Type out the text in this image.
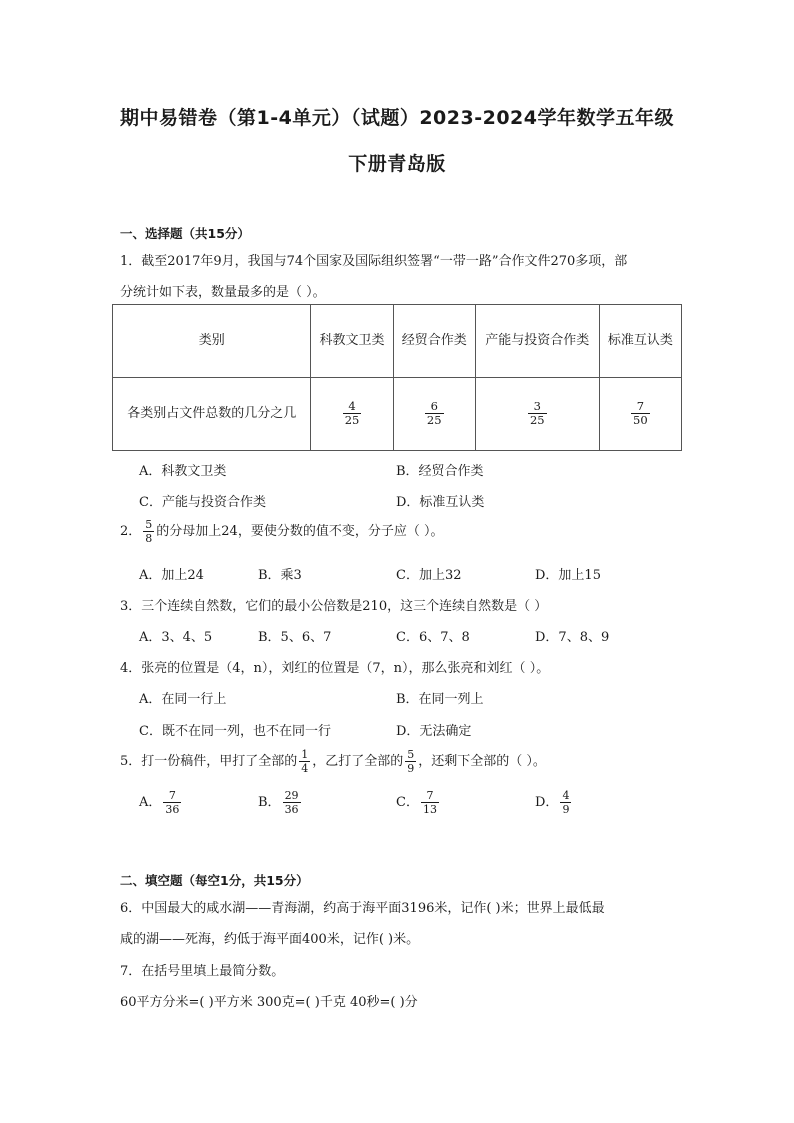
期中易错卷（第1-4单元）（试题）2023-2024学年数学五年级
下册青岛版
一、选择题（共15分）
1．截至2017年9月，我国与74个国家及国际组织签署“一带一路”合作文件270多项，部
分统计如下表，数量最多的是（ ）。
类别	科教文卫类	经贸合作类	产能与投资合作类	标准互认类
各类别占文件总数的几分之几	$\frac{4}{25}$	$\frac{6}{25}$	$\frac{3}{25}$	$\frac{7}{50}$
A．科教文卫类	B．经贸合作类
C．产能与投资合作类	D．标准互认类
2． $\frac{5}{8}$ 的分母加上24，要使分数的值不变，分子应（ ）。
A．加上24	B．乘3	C．加上32	D．加上15
3．三个连续自然数，它们的最小公倍数是210，这三个连续自然数是（ ）
A．3、4、5	B．5、6、7	C．6、7、8	D．7、8、9
4．张亮的位置是（4，n），刘红的位置是（7，n），那么张亮和刘红（ ）。
A．在同一行上	B．在同一列上
C．既不在同一列，也不在同一行	D．无法确定
5．打一份稿件，甲打了全部的 $\frac{1}{4}$ ，乙打了全部的 $\frac{5}{9}$ ，还剩下全部的（ ）。
A． $\frac{7}{36}$	B． $\frac{29}{36}$	C． $\frac{7}{13}$	D． $\frac{4}{9}$
二、填空题（每空1分，共15分）
6．中国最大的咸水湖——青海湖，约高于海平面3196米，记作( )米；世界上最低最
咸的湖——死海，约低于海平面400米，记作( )米。
7．在括号里填上最简分数。
60平方分米=( )平方米 300克=( )千克 40秒=( )分
